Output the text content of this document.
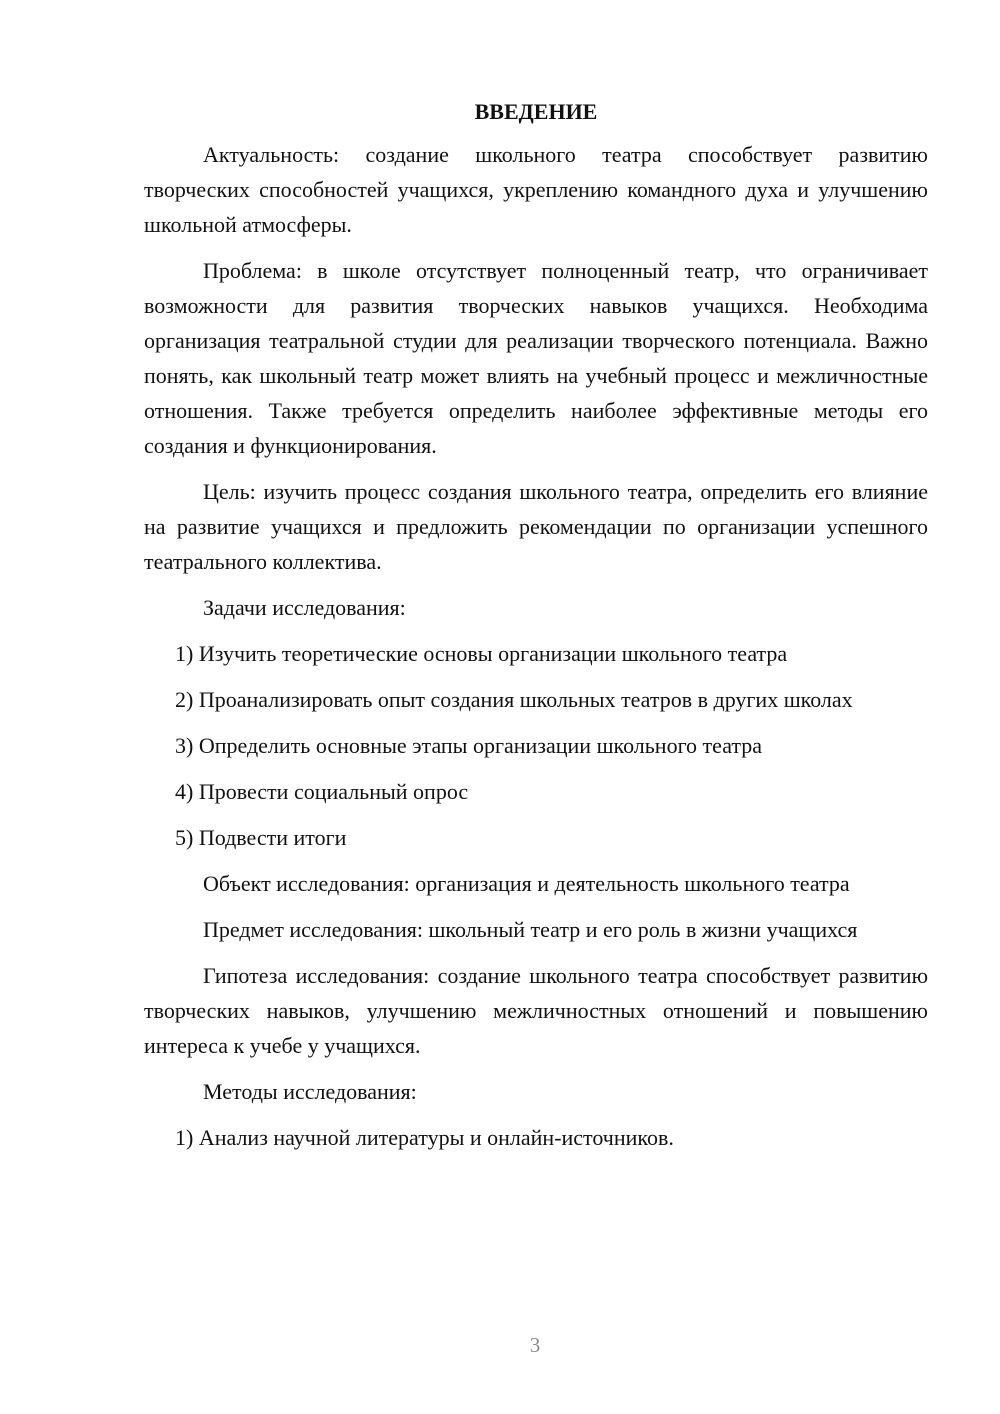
ВВЕДЕНИЕ

Актуальность: создание школьного театра способствует развитию творческих способностей учащихся, укреплению командного духа и улучшению школьной атмосферы.

Проблема: в школе отсутствует полноценный театр, что ограничивает возможности для развития творческих навыков учащихся. Необходима организация театральной студии для реализации творческого потенциала. Важно понять, как школьный театр может влиять на учебный процесс и межличностные отношения. Также требуется определить наиболее эффективные методы его создания и функционирования.

Цель: изучить процесс создания школьного театра, определить его влияние на развитие учащихся и предложить рекомендации по организации успешного театрального коллектива.

Задачи исследования:

1) Изучить теоретические основы организации школьного театра

2) Проанализировать опыт создания школьных театров в других школах

3) Определить основные этапы организации школьного театра

4) Провести социальный опрос

5) Подвести итоги

Объект исследования: организация и деятельность школьного театра

Предмет исследования: школьный театр и его роль в жизни учащихся

Гипотеза исследования: создание школьного театра способствует развитию творческих навыков, улучшению межличностных отношений и повышению интереса к учебе у учащихся.

Методы исследования:

1) Анализ научной литературы и онлайн-источников.

3
